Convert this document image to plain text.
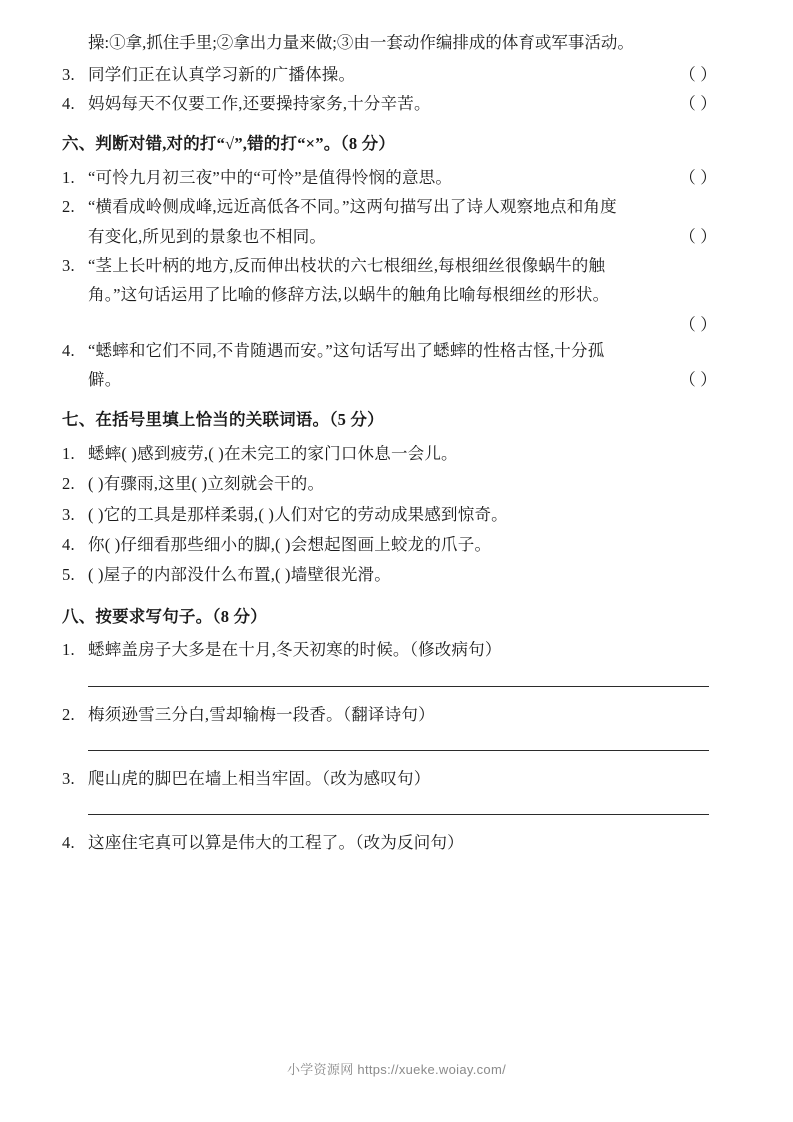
操:①拿,抓住手里;②拿出力量来做;③由一套动作编排成的体育或军事活动。
3. 同学们正在认真学习新的广播体操。	（ ）
4. 妈妈每天不仅要工作,还要操持家务,十分辛苦。	（ ）
六、判断对错,对的打“√”,错的打“×”。（8 分）
1. “可怜九月初三夜”中的“可怜”是值得怜悯的意思。	（ ）
2. “横看成岭侧成峰,远近高低各不同。”这两句描写出了诗人观察地点和角度
有变化,所见到的景象也不相同。	（ ）
3. “茎上长叶柄的地方,反而伸出枝状的六七根细丝,每根细丝很像蜗牛的触
角。”这句话运用了比喻的修辞方法,以蜗牛的触角比喻每根细丝的形状。
（ ）
4. “蟋蟀和它们不同,不肯随遇而安。”这句话写出了蟋蟀的性格古怪,十分孤
僻。	（ ）
七、在括号里填上恰当的关联词语。（5 分）
1. 蟋蟀( )感到疲劳,( )在未完工的家门口休息一会儿。
2. ( )有骤雨,这里( )立刻就会干的。
3. ( )它的工具是那样柔弱,( )人们对它的劳动成果感到惊奇。
4. 你( )仔细看那些细小的脚,( )会想起图画上蛟龙的爪子。
5. ( )屋子的内部没什么布置,( )墙壁很光滑。
八、按要求写句子。（8 分）
1. 蟋蟀盖房子大多是在十月,冬天初寒的时候。（修改病句）
2. 梅须逊雪三分白,雪却输梅一段香。（翻译诗句）
3. 爬山虎的脚巴在墙上相当牢固。（改为感叹句）
4. 这座住宅真可以算是伟大的工程了。（改为反问句）
小学资源网 https://xueke.woiay.com/
